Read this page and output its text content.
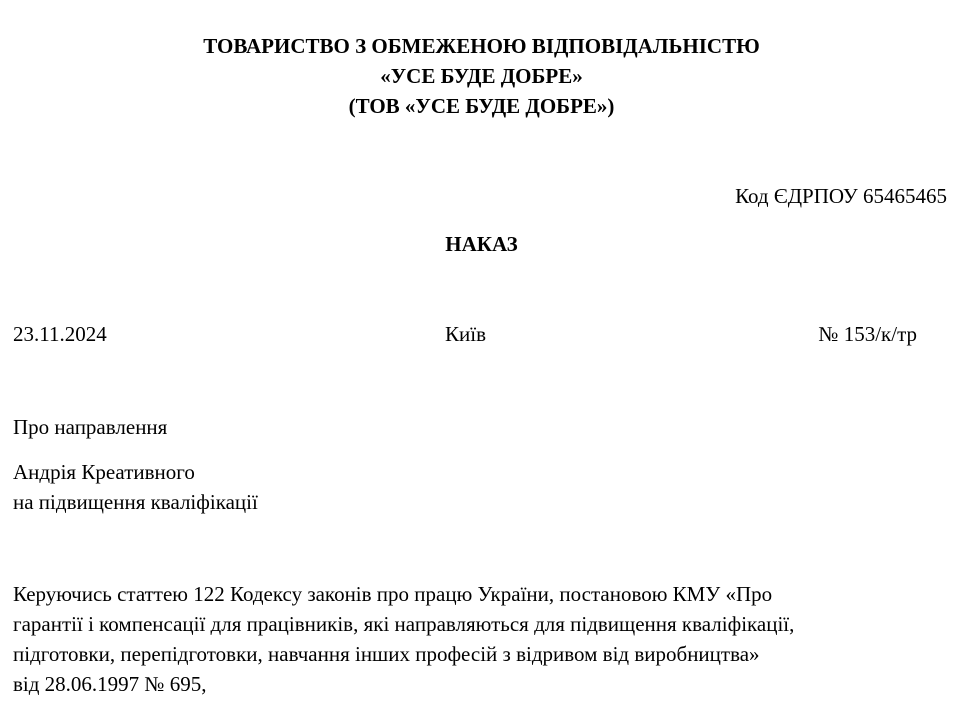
ТОВАРИСТВО З ОБМЕЖЕНОЮ ВІДПОВІДАЛЬНІСТЮ
«УСЕ БУДЕ ДОБРЕ»
(ТОВ «УСЕ БУДЕ ДОБРЕ»)
Код ЄДРПОУ 65465465
НАКАЗ
23.11.2024	Київ	№ 153/к/тр
Про направлення
Андрія Креативного
на підвищення кваліфікації
Керуючись статтею 122 Кодексу законів про працю України, постановою КМУ «Про
гарантії і компенсації для працівників, які направляються для підвищення кваліфікації,
підготовки, перепідготовки, навчання інших професій з відривом від виробництва»
від 28.06.1997 № 695,
